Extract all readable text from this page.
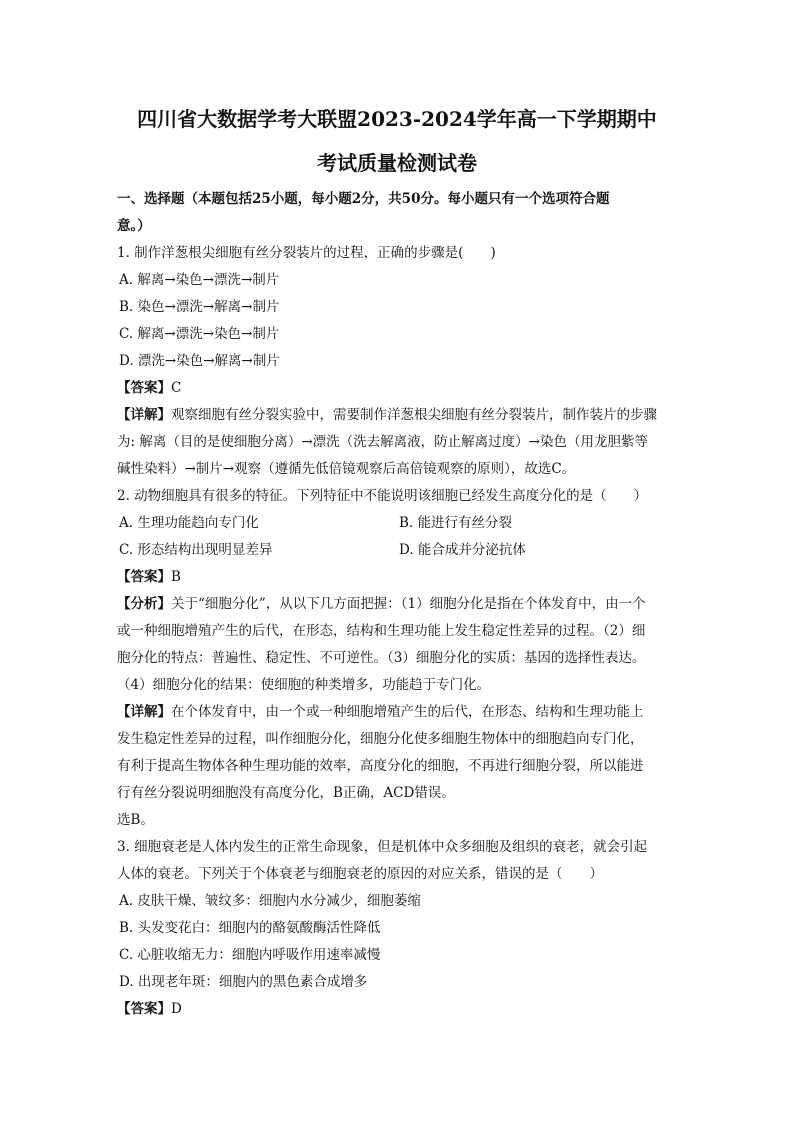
四川省大数据学考大联盟2023-2024学年高一下学期期中

考试质量检测试卷

一、选择题（本题包括25小题，每小题2分，共50分。每小题只有一个选项符合题
意。）

1. 制作洋葱根尖细胞有丝分裂装片的过程，正确的步骤是(　　)

A. 解离→染色→漂洗→制片

B. 染色→漂洗→解离→制片

C. 解离→漂洗→染色→制片

D. 漂洗→染色→解离→制片

【答案】C

【详解】观察细胞有丝分裂实验中，需要制作洋葱根尖细胞有丝分裂装片，制作装片的步骤
为: 解离（目的是使细胞分离）→漂洗（洗去解离液，防止解离过度）→染色（用龙胆紫等
碱性染料）→制片→观察（遵循先低倍镜观察后高倍镜观察的原则），故选C。

2. 动物细胞具有很多的特征。下列特征中不能说明该细胞已经发生高度分化的是（　　）

A. 生理功能趋向专门化	B. 能进行有丝分裂
C. 形态结构出现明显差异	D. 能合成并分泌抗体

【答案】B

【分析】关于“细胞分化”，从以下几方面把握：（1）细胞分化是指在个体发育中，由一个
或一种细胞增殖产生的后代，在形态，结构和生理功能上发生稳定性差异的过程。（2）细
胞分化的特点：普遍性、稳定性、不可逆性。（3）细胞分化的实质：基因的选择性表达。
（4）细胞分化的结果：使细胞的种类增多，功能趋于专门化。

【详解】在个体发育中，由一个或一种细胞增殖产生的后代，在形态、结构和生理功能上
发生稳定性差异的过程，叫作细胞分化，细胞分化使多细胞生物体中的细胞趋向专门化，
有利于提高生物体各种生理功能的效率，高度分化的细胞，不再进行细胞分裂，所以能进
行有丝分裂说明细胞没有高度分化，B正确，ACD错误。

选B。

3. 细胞衰老是人体内发生的正常生命现象，但是机体中众多细胞及组织的衰老，就会引起
人体的衰老。下列关于个体衰老与细胞衰老的原因的对应关系，错误的是（　　）

A. 皮肤干燥、皱纹多：细胞内水分减少，细胞萎缩

B. 头发变花白：细胞内的酪氨酸酶活性降低

C. 心脏收缩无力：细胞内呼吸作用速率减慢

D. 出现老年斑：细胞内的黑色素合成增多

【答案】D
